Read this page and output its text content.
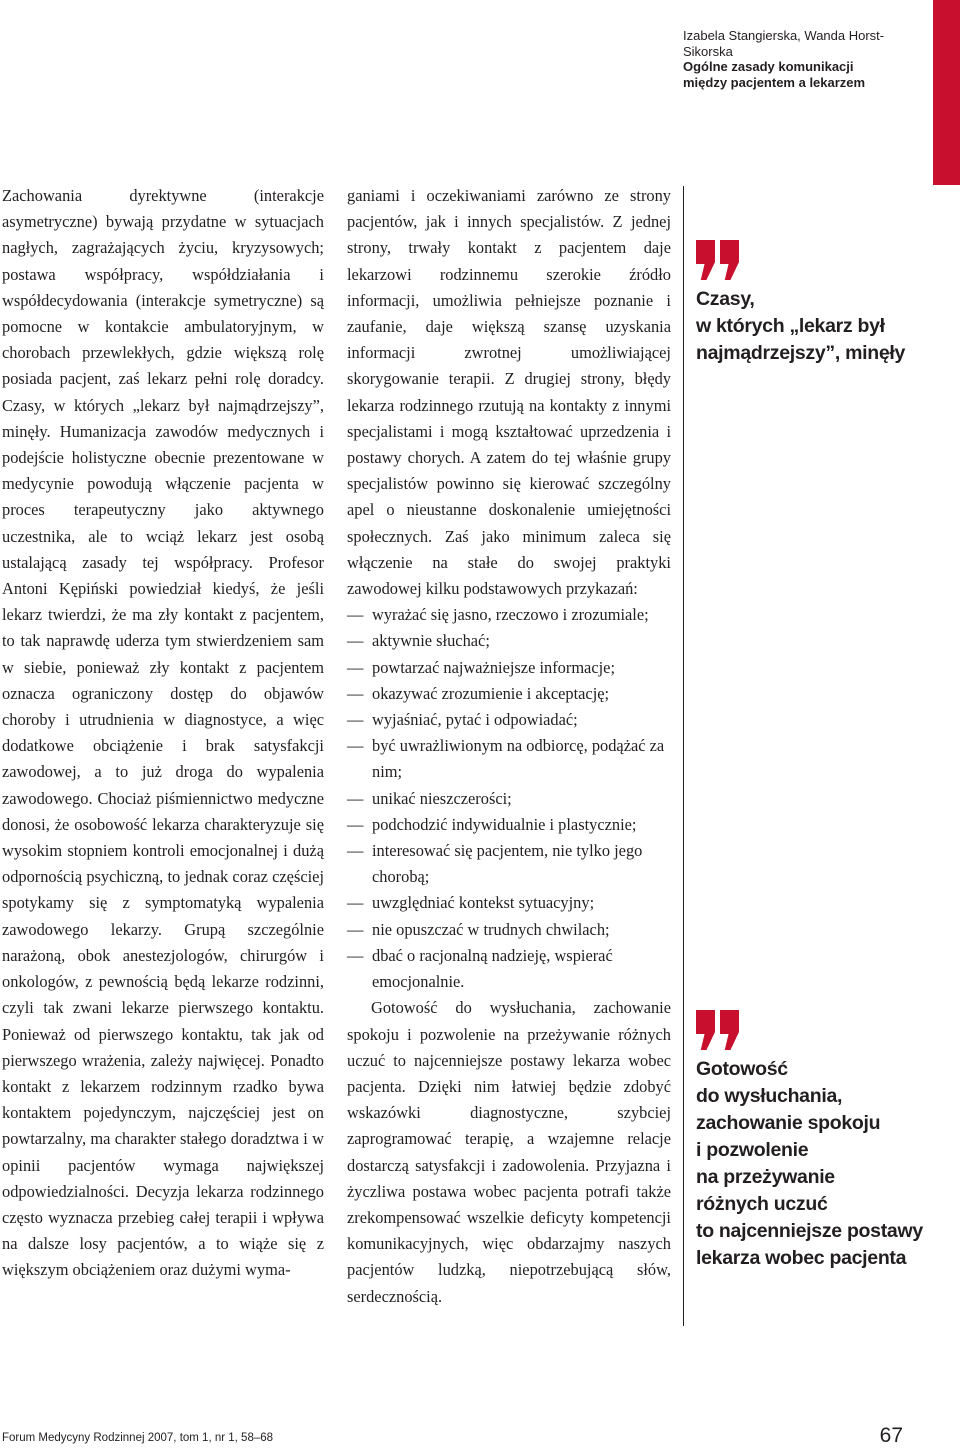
Izabela Stangierska, Wanda Horst-Sikorska
Ogólne zasady komunikacji
między pacjentem a lekarzem

Zachowania dyrektywne (interakcje asymetryczne) bywają przydatne w sytuacjach nagłych, zagrażających życiu, kryzysowych; postawa współpracy, współdziałania i współdecydowania (interakcje symetryczne) są pomocne w kontakcie ambulatoryjnym, w chorobach przewlekłych, gdzie większą rolę posiada pacjent, zaś lekarz pełni rolę doradcy. Czasy, w których „lekarz był najmądrzejszy”, minęły. Humanizacja zawodów medycznych i podejście holistyczne obecnie prezentowane w medycynie powodują włączenie pacjenta w proces terapeutyczny jako aktywnego uczestnika, ale to wciąż lekarz jest osobą ustalającą zasady tej współpracy. Profesor Antoni Kępiński powiedział kiedyś, że jeśli lekarz twierdzi, że ma zły kontakt z pacjentem, to tak naprawdę uderza tym stwierdzeniem sam w siebie, ponieważ zły kontakt z pacjentem oznacza ograniczony dostęp do objawów choroby i utrudnienia w diagnostyce, a więc dodatkowe obciążenie i brak satysfakcji zawodowej, a to już droga do wypalenia zawodowego. Chociaż piśmiennictwo medyczne donosi, że osobowość lekarza charakteryzuje się wysokim stopniem kontroli emocjonalnej i dużą odpornością psychiczną, to jednak coraz częściej spotykamy się z symptomatyką wypalenia zawodowego lekarzy. Grupą szczególnie narażoną, obok anestezjologów, chirurgów i onkologów, z pewnością będą lekarze rodzinni, czyli tak zwani lekarze pierwszego kontaktu. Ponieważ od pierwszego kontaktu, tak jak od pierwszego wrażenia, zależy najwięcej. Ponadto kontakt z lekarzem rodzinnym rzadko bywa kontaktem pojedynczym, najczęściej jest on powtarzalny, ma charakter stałego doradztwa i w opinii pacjentów wymaga największej odpowiedzialności. Decyzja lekarza rodzinnego często wyznacza przebieg całej terapii i wpływa na dalsze losy pacjentów, a to wiąże się z większym obciążeniem oraz dużymi wyma-

ganiami i oczekiwaniami zarówno ze strony pacjentów, jak i innych specjalistów. Z jednej strony, trwały kontakt z pacjentem daje lekarzowi rodzinnemu szerokie źródło informacji, umożliwia pełniejsze poznanie i zaufanie, daje większą szansę uzyskania informacji zwrotnej umożliwiającej skorygowanie terapii. Z drugiej strony, błędy lekarza rodzinnego rzutują na kontakty z innymi specjalistami i mogą kształtować uprzedzenia i postawy chorych. A zatem do tej właśnie grupy specjalistów powinno się kierować szczególny apel o nieustanne doskonalenie umiejętności społecznych. Zaś jako minimum zaleca się włączenie na stałe do swojej praktyki zawodowej kilku podstawowych przykazań:

— wyrażać się jasno, rzeczowo i zrozumiale;
— aktywnie słuchać;
— powtarzać najważniejsze informacje;
— okazywać zrozumienie i akceptację;
— wyjaśniać, pytać i odpowiadać;
— być uwrażliwionym na odbiorcę, podążać za nim;
— unikać nieszczerości;
— podchodzić indywidualnie i plastycznie;
— interesować się pacjentem, nie tylko jego chorobą;
— uwzględniać kontekst sytuacyjny;
— nie opuszczać w trudnych chwilach;
— dbać o racjonalną nadzieję, wspierać emocjonalnie.

Gotowość do wysłuchania, zachowanie spokoju i pozwolenie na przeżywanie różnych uczuć to najcenniejsze postawy lekarza wobec pacjenta. Dzięki nim łatwiej będzie zdobyć wskazówki diagnostyczne, szybciej zaprogramować terapię, a wzajemne relacje dostarczą satysfakcji i zadowolenia. Przyjazna i życzliwa postawa wobec pacjenta potrafi także zrekompensować wszelkie deficyty kompetencji komunikacyjnych, więc obdarzajmy naszych pacjentów ludzką, niepotrzebującą słów, serdecznością.

Czasy,
w których „lekarz był
najmądrzejszy”, minęły
Gotowość
do wysłuchania,
zachowanie spokoju
i pozwolenie
na przeżywanie
różnych uczuć
to najcenniejsze postawy
lekarza wobec pacjenta
Forum Medycyny Rodzinnej 2007, tom 1, nr 1, 58–68	67
